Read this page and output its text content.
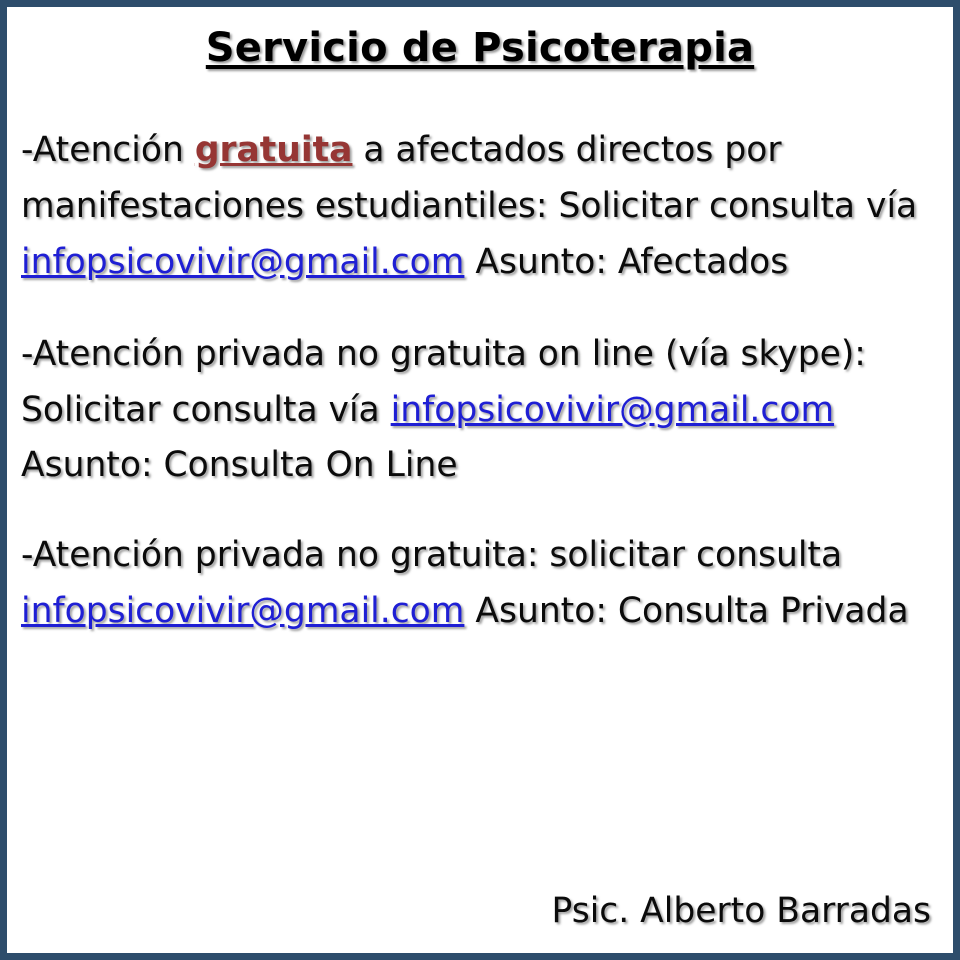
Servicio de Psicoterapia

-Atención gratuita a afectados directos por manifestaciones estudiantiles: Solicitar consulta vía infopsicovivir@gmail.com Asunto: Afectados

-Atención privada no gratuita on line (vía skype): Solicitar consulta vía infopsicovivir@gmail.com
Asunto: Consulta On Line

-Atención privada no gratuita: solicitar consulta
infopsicovivir@gmail.com Asunto: Consulta Privada

Psic. Alberto Barradas
